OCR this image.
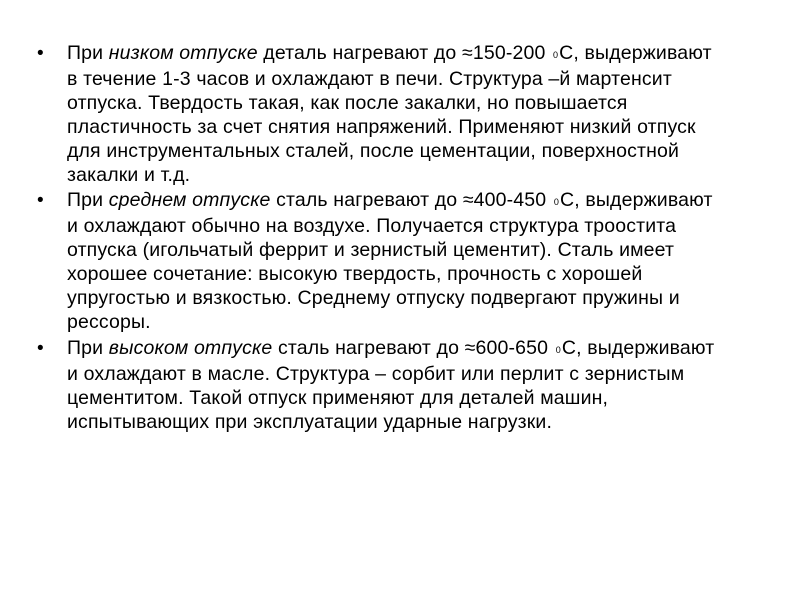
• При низком отпуске деталь нагревают до ≈150-200 0С, выдерживают в течение 1-3 часов и охлаждают в печи. Структура –й мартенсит отпуска. Твердость такая, как после закалки, но повышается пластичность за счет снятия напряжений. Применяют низкий отпуск для инструментальных сталей, после цементации, поверхностной закалки и т.д.
• При среднем отпуске сталь нагревают до ≈400-450 0С, выдерживают и охлаждают обычно на воздухе. Получается структура троостита отпуска (игольчатый феррит и зернистый цементит). Сталь имеет хорошее сочетание: высокую твердость, прочность с хорошей упругостью и вязкостью. Среднему отпуску подвергают пружины и рессоры.
• При высоком отпуске сталь нагревают до ≈600-650 0С, выдерживают и охлаждают в масле. Структура – сорбит или перлит с зернистым цементитом. Такой отпуск применяют для деталей машин, испытывающих при эксплуатации ударные нагрузки.
